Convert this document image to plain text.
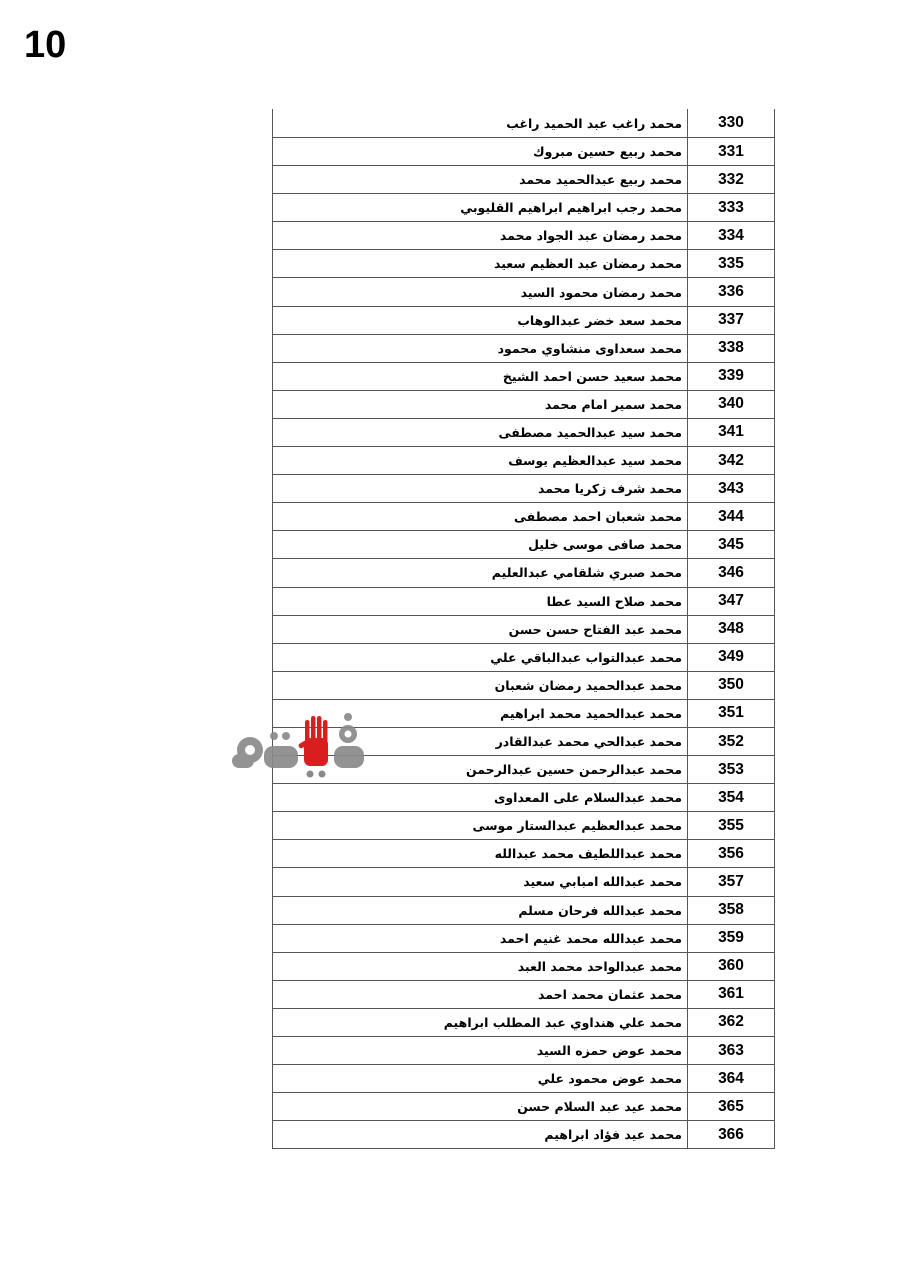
10
محمد راغب عبد الحميد راغب	330
محمد ربيع حسين مبروك	331
محمد ربيع عبدالحميد محمد	332
محمد رجب ابراهيم ابراهيم القليوبي	333
محمد رمضان عبد الجواد محمد	334
محمد رمضان عبد العظيم سعيد	335
محمد رمضان محمود السيد	336
محمد سعد خضر عبدالوهاب	337
محمد سعداوى منشاوي محمود	338
محمد سعيد حسن احمد الشيخ	339
محمد سمير امام محمد	340
محمد سيد عبدالحميد مصطفى	341
محمد سيد عبدالعظيم يوسف	342
محمد شرف زكريا محمد	343
محمد شعبان احمد مصطفى	344
محمد صافى موسى خليل	345
محمد صبري شلقامي عبدالعليم	346
محمد صلاح السيد عطا	347
محمد عبد الفتاح حسن حسن	348
محمد عبدالتواب عبدالباقي علي	349
محمد عبدالحميد رمضان شعبان	350
محمد عبدالحميد محمد ابراهيم	351
محمد عبدالحي محمد عبدالقادر	352
محمد عبدالرحمن حسين عبدالرحمن	353
محمد عبدالسلام على المعداوى	354
محمد عبدالعظيم عبدالستار موسى	355
محمد عبداللطيف محمد عبدالله	356
محمد عبدالله امبابي سعيد	357
محمد عبدالله فرحان مسلم	358
محمد عبدالله محمد غنيم احمد	359
محمد عبدالواحد محمد العبد	360
محمد عثمان محمد احمد	361
محمد علي هنداوي عبد المطلب ابراهيم	362
محمد عوض حمزه السيد	363
محمد عوض محمود علي	364
محمد عيد عبد السلام حسن	365
محمد عيد فؤاد ابراهيم	366
